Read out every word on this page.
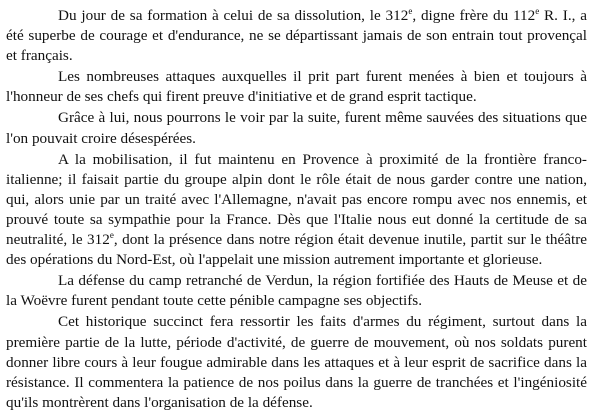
Du jour de sa formation à celui de sa dissolution, le 312e, digne frère du 112e R. I., a été superbe de courage et d'endurance, ne se départissant jamais de son entrain tout provençal et français.

Les nombreuses attaques auxquelles il prit part furent menées à bien et toujours à l'honneur de ses chefs qui firent preuve d'initiative et de grand esprit tactique.

Grâce à lui, nous pourrons le voir par la suite, furent même sauvées des situations que l'on pouvait croire désespérées.

A la mobilisation, il fut maintenu en Provence à proximité de la frontière franco-italienne; il faisait partie du groupe alpin dont le rôle était de nous garder contre une nation, qui, alors unie par un traité avec l'Allemagne, n'avait pas encore rompu avec nos ennemis, et prouvé toute sa sympathie pour la France. Dès que l'Italie nous eut donné la certitude de sa neutralité, le 312e, dont la présence dans notre région était devenue inutile, partit sur le théâtre des opérations du Nord-Est, où l'appelait une mission autrement importante et glorieuse.

La défense du camp retranché de Verdun, la région fortifiée des Hauts de Meuse et de la Woëvre furent pendant toute cette pénible campagne ses objectifs.

Cet historique succinct fera ressortir les faits d'armes du régiment, surtout dans la première partie de la lutte, période d'activité, de guerre de mouvement, où nos soldats purent donner libre cours à leur fougue admirable dans les attaques et à leur esprit de sacrifice dans la résistance. Il commentera la patience de nos poilus dans la guerre de tranchées et l'ingéniosité qu'ils montrèrent dans l'organisation de la défense.
